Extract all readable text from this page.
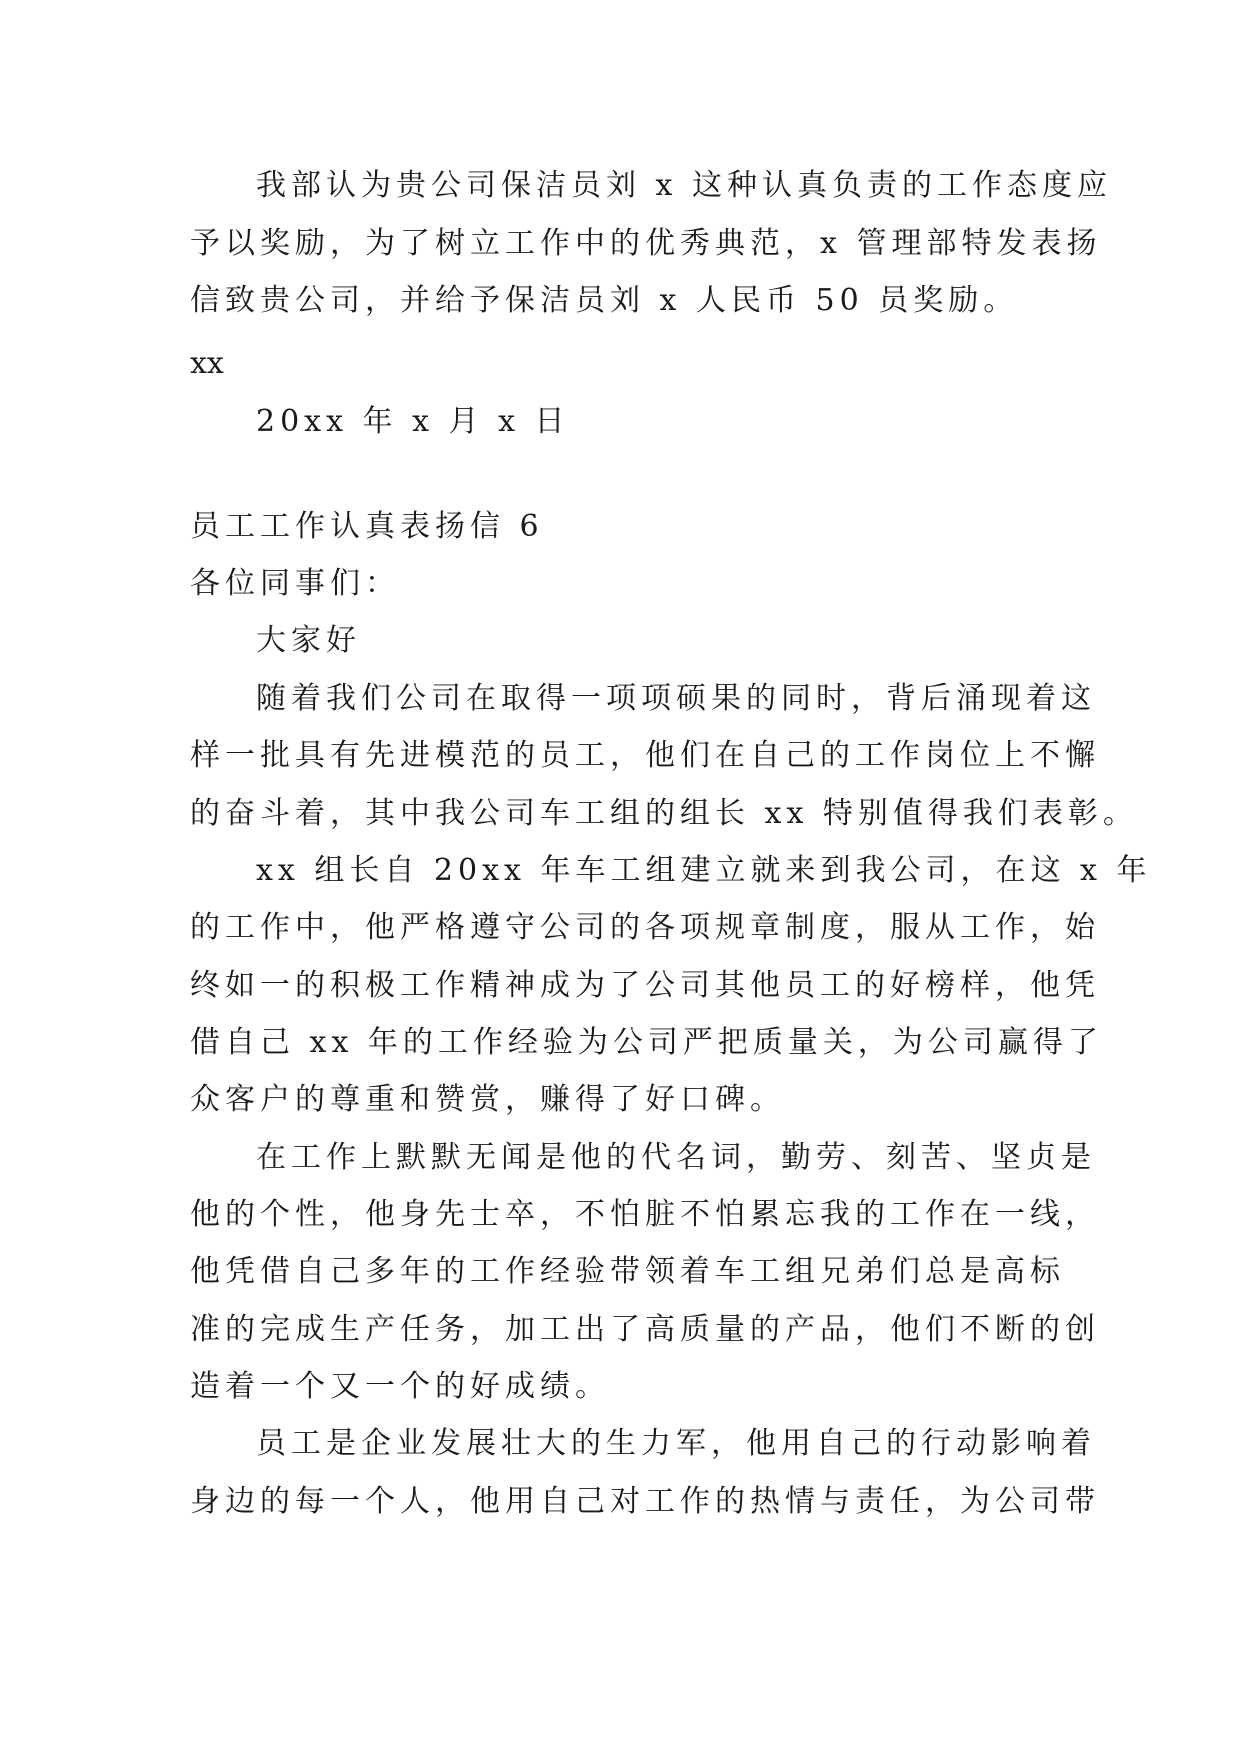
我部认为贵公司保洁员刘 x 这种认真负责的工作态度应
予以奖励，为了树立工作中的优秀典范，x 管理部特发表扬
信致贵公司，并给予保洁员刘 x 人民币 50 员奖励。
xx
20xx 年 x 月 x 日
员工工作认真表扬信 6
各位同事们：
大家好
随着我们公司在取得一项项硕果的同时，背后涌现着这
样一批具有先进模范的员工，他们在自己的工作岗位上不懈
的奋斗着，其中我公司车工组的组长 xx 特别值得我们表彰。
xx 组长自 20xx 年车工组建立就来到我公司，在这 x 年
的工作中，他严格遵守公司的各项规章制度，服从工作，始
终如一的积极工作精神成为了公司其他员工的好榜样，他凭
借自己 xx 年的工作经验为公司严把质量关，为公司赢得了
众客户的尊重和赞赏，赚得了好口碑。
在工作上默默无闻是他的代名词，勤劳、刻苦、坚贞是
他的个性，他身先士卒，不怕脏不怕累忘我的工作在一线，
他凭借自己多年的工作经验带领着车工组兄弟们总是高标
准的完成生产任务，加工出了高质量的产品，他们不断的创
造着一个又一个的好成绩。
员工是企业发展壮大的生力军，他用自己的行动影响着
身边的每一个人，他用自己对工作的热情与责任，为公司带
